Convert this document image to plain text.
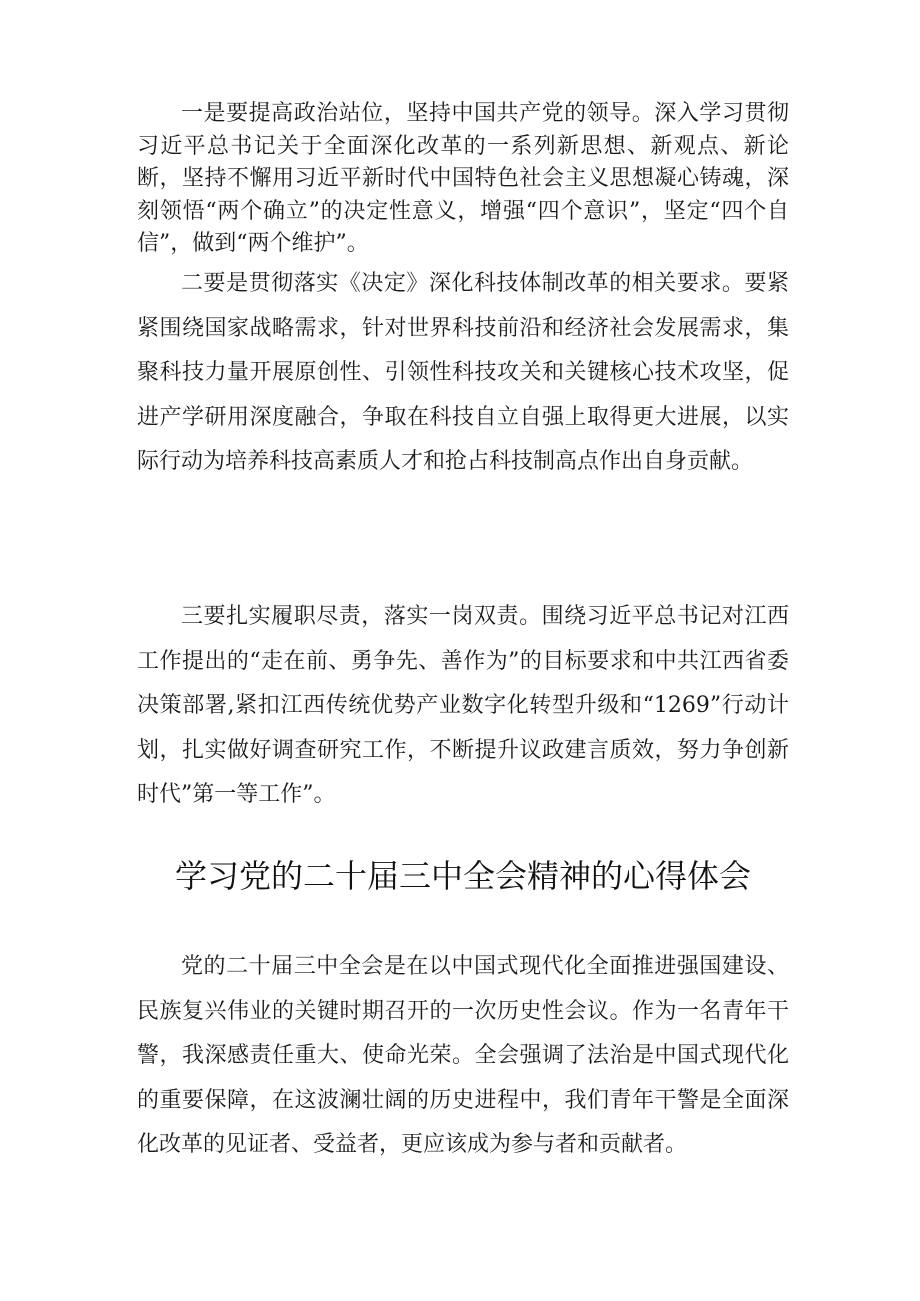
一是要提高政治站位，坚持中国共产党的领导。深入学习贯彻习近平总书记关于全面深化改革的一系列新思想、新观点、新论断，坚持不懈用习近平新时代中国特色社会主义思想凝心铸魂，深刻领悟“两个确立”的决定性意义，增强“四个意识”，坚定“四个自信”，做到“两个维护”。

二要是贯彻落实《决定》深化科技体制改革的相关要求。要紧紧围绕国家战略需求，针对世界科技前沿和经济社会发展需求，集聚科技力量开展原创性、引领性科技攻关和关键核心技术攻坚，促进产学研用深度融合，争取在科技自立自强上取得更大进展，以实际行动为培养科技高素质人才和抢占科技制高点作出自身贡献。

三要扎实履职尽责，落实一岗双责。围绕习近平总书记对江西工作提出的“走在前、勇争先、善作为”的目标要求和中共江西省委决策部署,紧扣江西传统优势产业数字化转型升级和“1269”行动计划，扎实做好调查研究工作，不断提升议政建言质效，努力争创新时代”第一等工作”。

学习党的二十届三中全会精神的心得体会

党的二十届三中全会是在以中国式现代化全面推进强国建设、民族复兴伟业的关键时期召开的一次历史性会议。作为一名青年干警，我深感责任重大、使命光荣。全会强调了法治是中国式现代化的重要保障，在这波澜壮阔的历史进程中，我们青年干警是全面深化改革的见证者、受益者，更应该成为参与者和贡献者。
